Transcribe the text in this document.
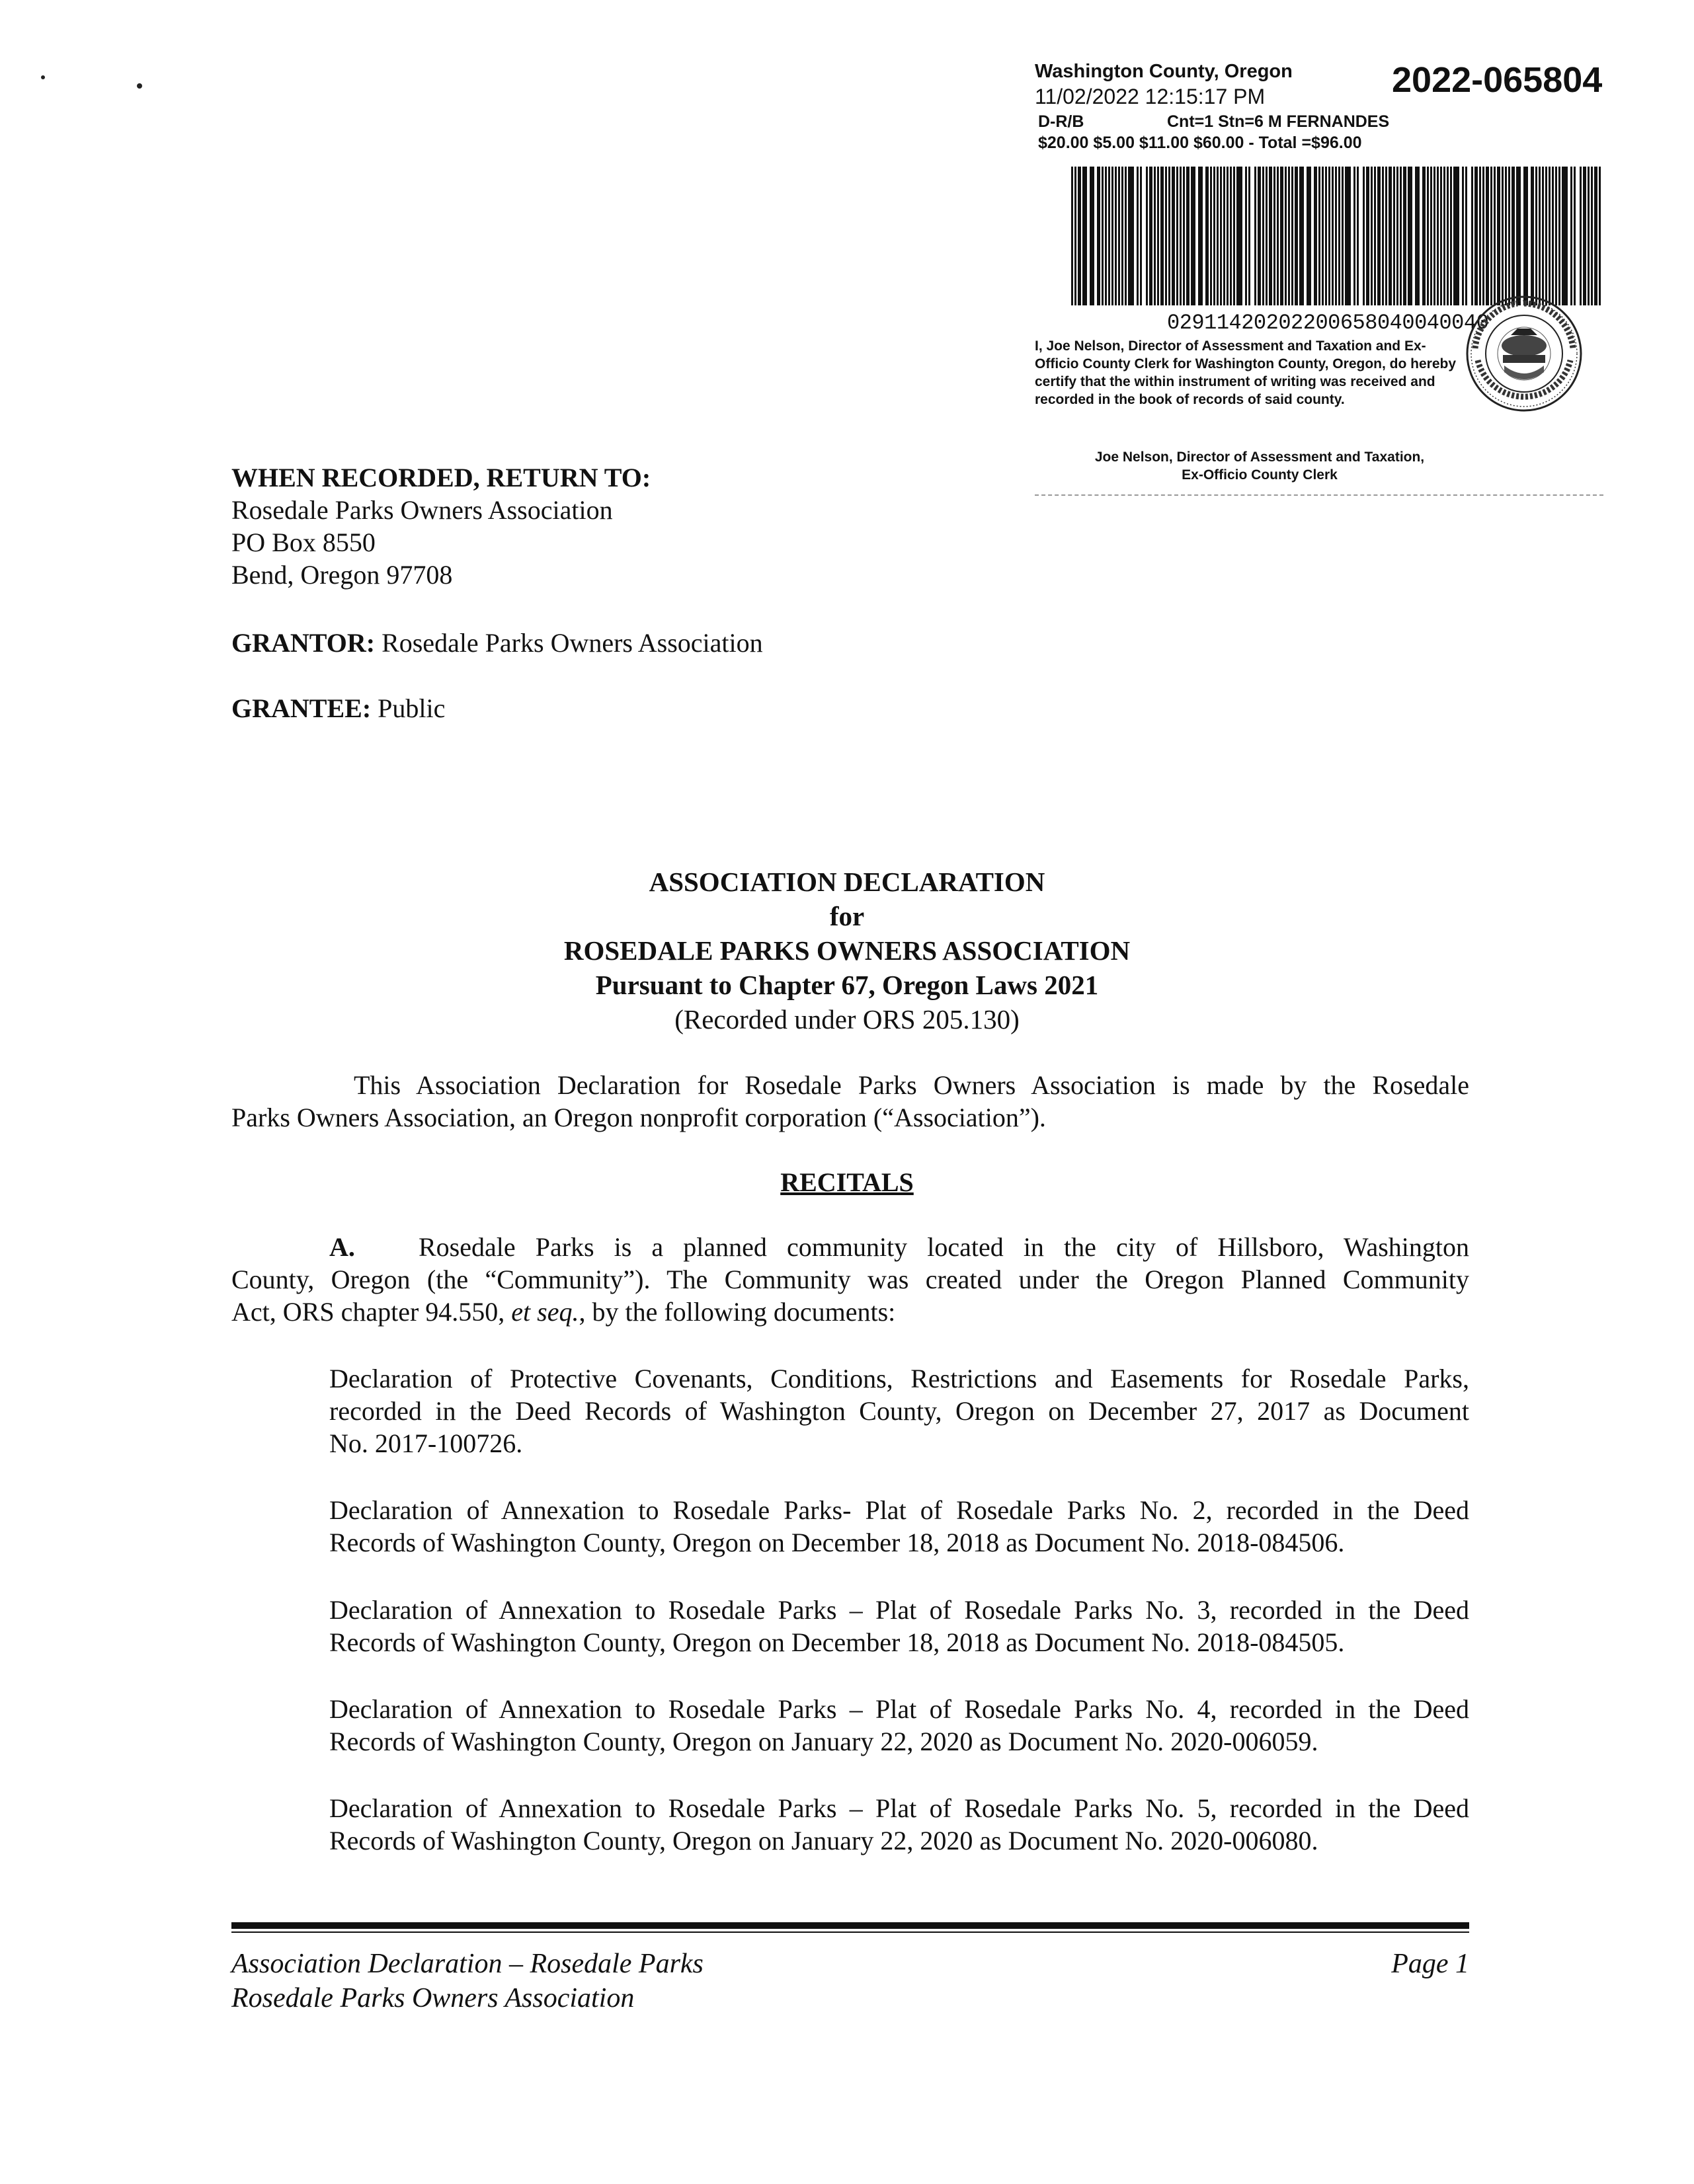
Washington County, Oregon
11/02/2022 12:15:17 PM	2022-065804
D-R/B	Cnt=1 Stn=6 M FERNANDES
$20.00 $5.00 $11.00 $60.00 - Total =$96.00
02911420202200658040040040
I, Joe Nelson, Director of Assessment and Taxation and Ex-Officio County Clerk for Washington County, Oregon, do hereby certify that the within instrument of writing was received and recorded in the book of records of said county.
Joe Nelson, Director of Assessment and Taxation,
Ex-Officio County Clerk
WHEN RECORDED, RETURN TO:
Rosedale Parks Owners Association
PO Box 8550
Bend, Oregon 97708
GRANTOR: Rosedale Parks Owners Association
GRANTEE: Public
ASSOCIATION DECLARATION
for
ROSEDALE PARKS OWNERS ASSOCIATION
Pursuant to Chapter 67, Oregon Laws 2021
(Recorded under ORS 205.130)
This Association Declaration for Rosedale Parks Owners Association is made by the Rosedale
Parks Owners Association, an Oregon nonprofit corporation (“Association”).
RECITALS
A. Rosedale Parks is a planned community located in the city of Hillsboro, Washington
County, Oregon (the “Community”). The Community was created under the Oregon Planned Community
Act, ORS chapter 94.550, et seq., by the following documents:
Declaration of Protective Covenants, Conditions, Restrictions and Easements for Rosedale Parks,
recorded in the Deed Records of Washington County, Oregon on December 27, 2017 as Document
No. 2017-100726.
Declaration of Annexation to Rosedale Parks- Plat of Rosedale Parks No. 2, recorded in the Deed
Records of Washington County, Oregon on December 18, 2018 as Document No. 2018-084506.
Declaration of Annexation to Rosedale Parks – Plat of Rosedale Parks No. 3, recorded in the Deed
Records of Washington County, Oregon on December 18, 2018 as Document No. 2018-084505.
Declaration of Annexation to Rosedale Parks – Plat of Rosedale Parks No. 4, recorded in the Deed
Records of Washington County, Oregon on January 22, 2020 as Document No. 2020-006059.
Declaration of Annexation to Rosedale Parks – Plat of Rosedale Parks No. 5, recorded in the Deed
Records of Washington County, Oregon on January 22, 2020 as Document No. 2020-006080.
Association Declaration – Rosedale Parks
Rosedale Parks Owners Association
Page 1
